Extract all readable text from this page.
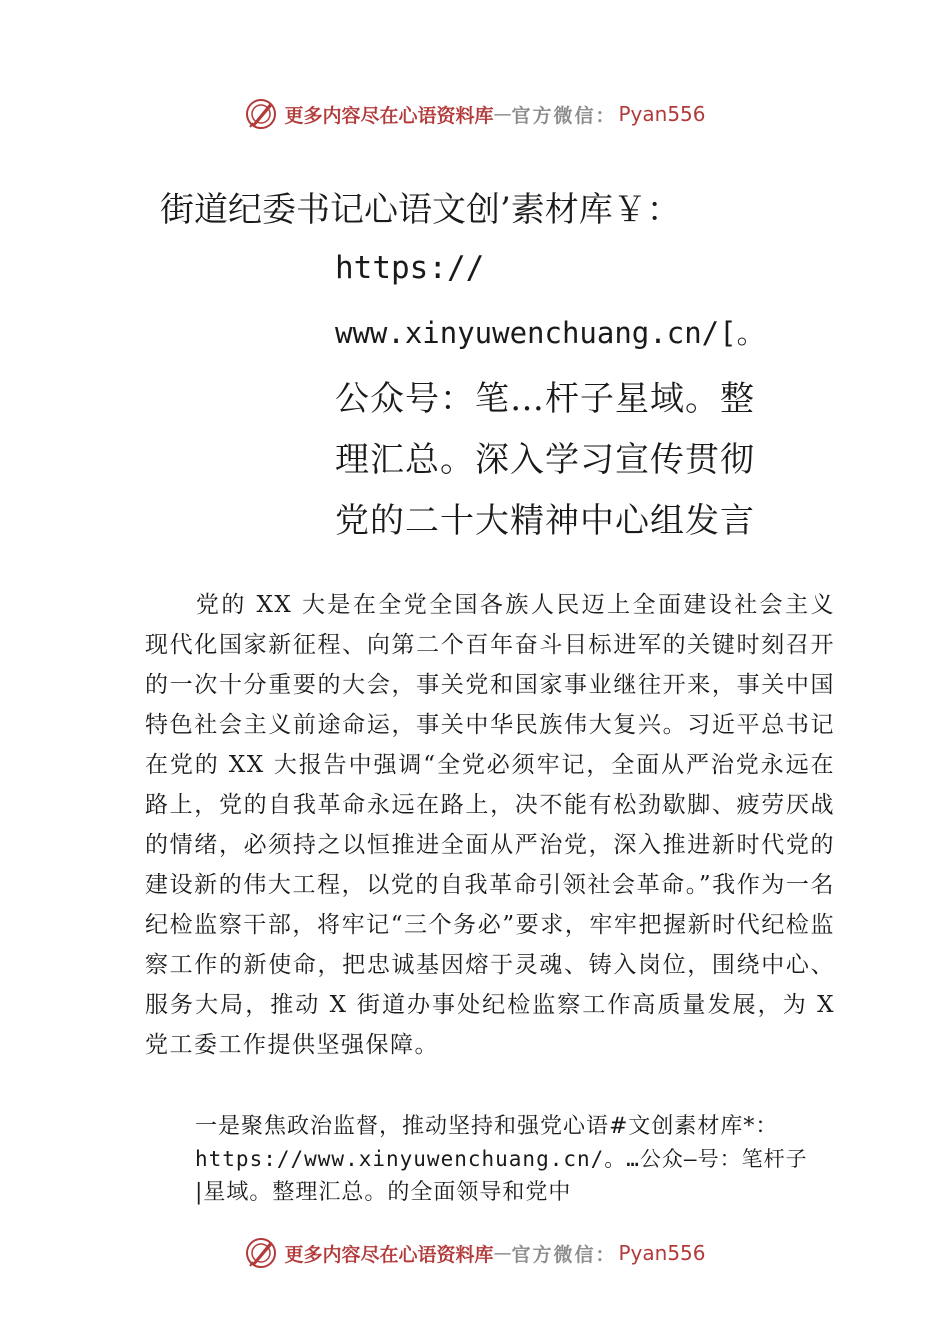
更多内容尽在心语资料库 — 官方微信： Pyan556
街道纪委书记心语文创’素材库￥：
https://
www.xinyuwenchuang.cn/[。
公众号：笔…杆子星域。整
理汇总。深入学习宣传贯彻
党的二十大精神中心组发言
党的 XX 大是在全党全国各族人民迈上全面建设社会主义现代化国家新征程、向第二个百年奋斗目标进军的关键时刻召开的一次十分重要的大会，事关党和国家事业继往开来，事关中国特色社会主义前途命运，事关中华民族伟大复兴。习近平总书记在党的 XX 大报告中强调“全党必须牢记，全面从严治党永远在路上，党的自我革命永远在路上，决不能有松劲歇脚、疲劳厌战的情绪，必须持之以恒推进全面从严治党，深入推进新时代党的建设新的伟大工程，以党的自我革命引领社会革命。”我作为一名纪检监察干部，将牢记“三个务必”要求，牢牢把握新时代纪检监察工作的新使命，把忠诚基因熔于灵魂、铸入岗位，围绕中心、服务大局，推动 X 街道办事处纪检监察工作高质量发展，为 X 党工委工作提供坚强保障。
一是聚焦政治监督，推动坚持和强党心语#文创素材库*：
https://www.xinyuwenchuang.cn/。…公众—号：笔杆子
|星域。整理汇总。的全面领导和党中
更多内容尽在心语资料库 — 官方微信： Pyan556
